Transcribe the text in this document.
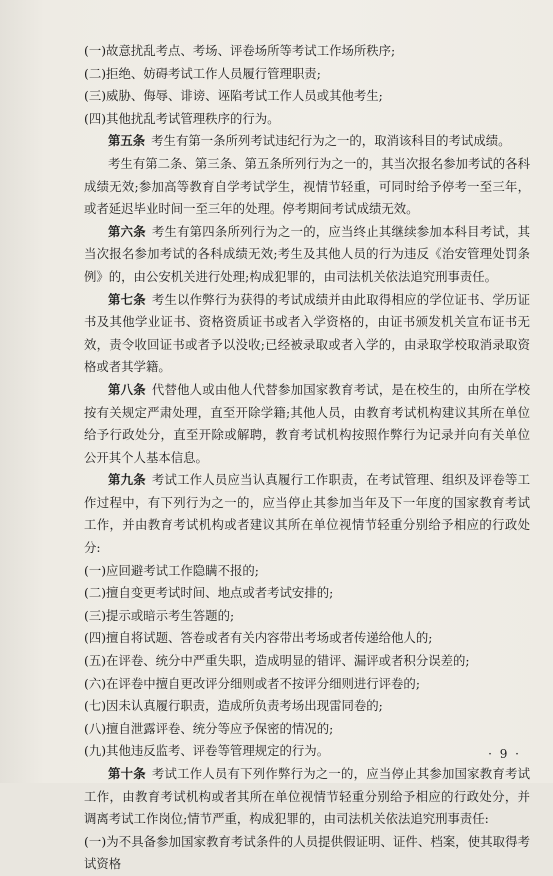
(一)故意扰乱考点、考场、评卷场所等考试工作场所秩序;

(二)拒绝、妨碍考试工作人员履行管理职责;

(三)威胁、侮辱、诽谤、诬陷考试工作人员或其他考生;

(四)其他扰乱考试管理秩序的行为。

第五条 考生有第一条所列考试违纪行为之一的，取消该科目的考试成绩。

考生有第二条、第三条、第五条所列行为之一的，其当次报名参加考试的各科成绩无效;参加高等教育自学考试学生，视情节轻重，可同时给予停考一至三年，或者延迟毕业时间一至三年的处理。停考期间考试成绩无效。

第六条 考生有第四条所列行为之一的，应当终止其继续参加本科目考试，其当次报名参加考试的各科成绩无效;考生及其他人员的行为违反《治安管理处罚条例》的，由公安机关进行处理;构成犯罪的，由司法机关依法追究刑事责任。

第七条 考生以作弊行为获得的考试成绩并由此取得相应的学位证书、学历证书及其他学业证书、资格资质证书或者入学资格的，由证书颁发机关宣布证书无效，责令收回证书或者予以没收;已经被录取或者入学的，由录取学校取消录取资格或者其学籍。

第八条 代替他人或由他人代替参加国家教育考试，是在校生的，由所在学校按有关规定严肃处理，直至开除学籍;其他人员，由教育考试机构建议其所在单位给予行政处分，直至开除或解聘，教育考试机构按照作弊行为记录并向有关单位公开其个人基本信息。

第九条 考试工作人员应当认真履行工作职责，在考试管理、组织及评卷等工作过程中，有下列行为之一的，应当停止其参加当年及下一年度的国家教育考试工作，并由教育考试机构或者建议其所在单位视情节轻重分别给予相应的行政处分:

(一)应回避考试工作隐瞒不报的;

(二)擅自变更考试时间、地点或者考试安排的;

(三)提示或暗示考生答题的;

(四)擅自将试题、答卷或者有关内容带出考场或者传递给他人的;

(五)在评卷、统分中严重失职，造成明显的错评、漏评或者积分误差的;

(六)在评卷中擅自更改评分细则或者不按评分细则进行评卷的;

(七)因未认真履行职责，造成所负责考场出现雷同卷的;

(八)擅自泄露评卷、统分等应予保密的情况的;

(九)其他违反监考、评卷等管理规定的行为。

第十条 考试工作人员有下列作弊行为之一的，应当停止其参加国家教育考试工作，由教育考试机构或者其所在单位视情节轻重分别给予相应的行政处分，并调离考试工作岗位;情节严重，构成犯罪的，由司法机关依法追究刑事责任:

(一)为不具备参加国家教育考试条件的人员提供假证明、证件、档案，使其取得考试资格

· 9 ·
